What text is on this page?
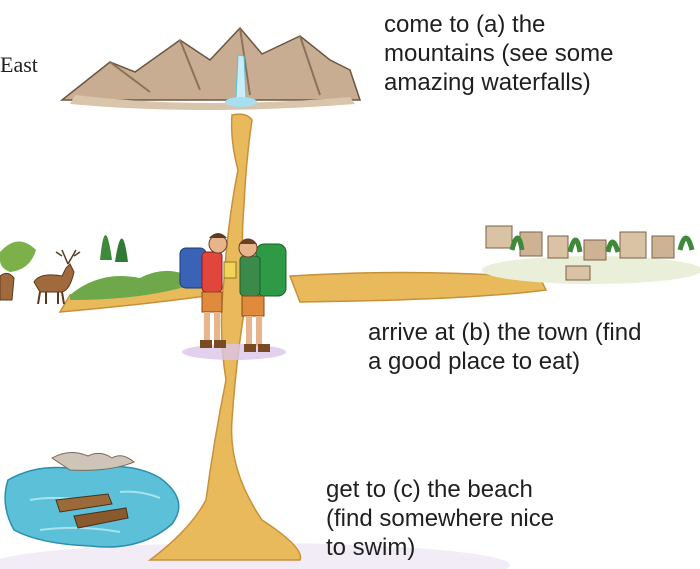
East
come to (a) the
mountains (see some
amazing waterfalls)
arrive at (b) the town (find
a good place to eat)
get to (c) the beach
(find somewhere nice
to swim)
